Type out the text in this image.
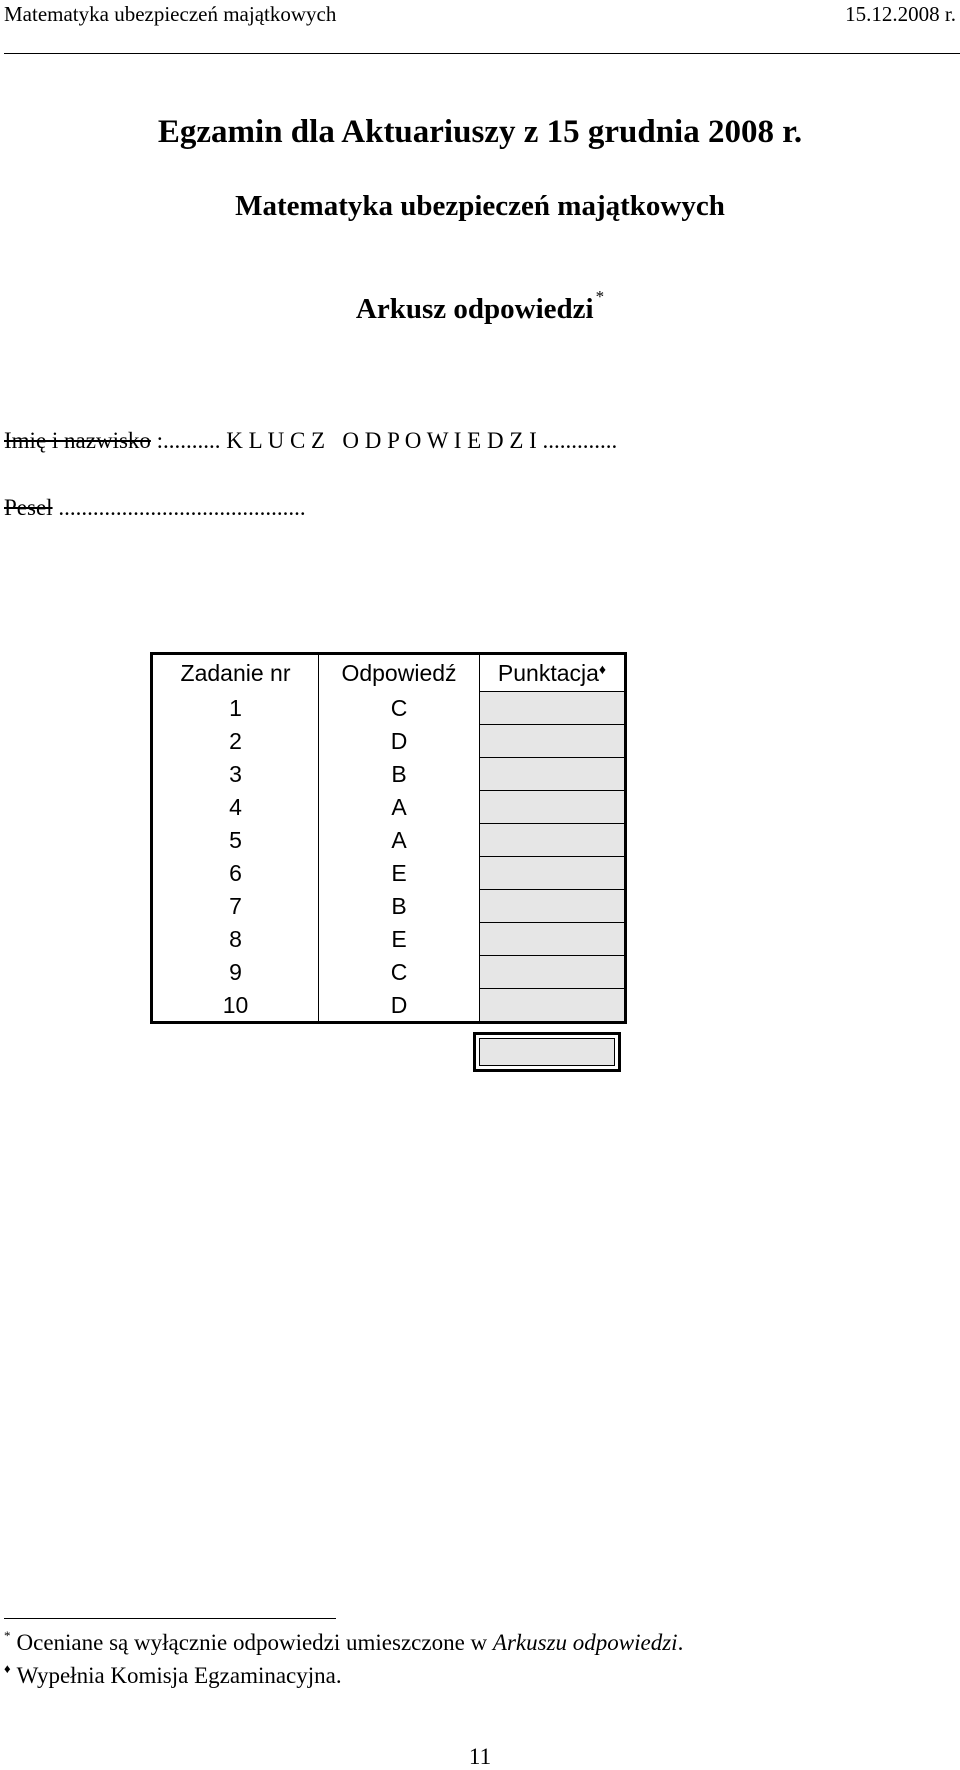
Matematyka ubezpieczeń majątkowych	15.12.2008 r.
Egzamin dla Aktuariuszy z 15 grudnia 2008 r.
Matematyka ubezpieczeń majątkowych
Arkusz odpowiedzi *
Imię i nazwisko :.......... K L U C Z   O D P O W I E D Z I .............
Pesel ...........................................
Zadanie nr	Odpowiedź	Punktacja♦
1	C	
2	D	
3	B	
4	A	
5	A	
6	E	
7	B	
8	E	
9	C	
10	D	
* Oceniane są wyłącznie odpowiedzi umieszczone w Arkuszu odpowiedzi.
♦ Wypełnia Komisja Egzaminacyjna.
11
